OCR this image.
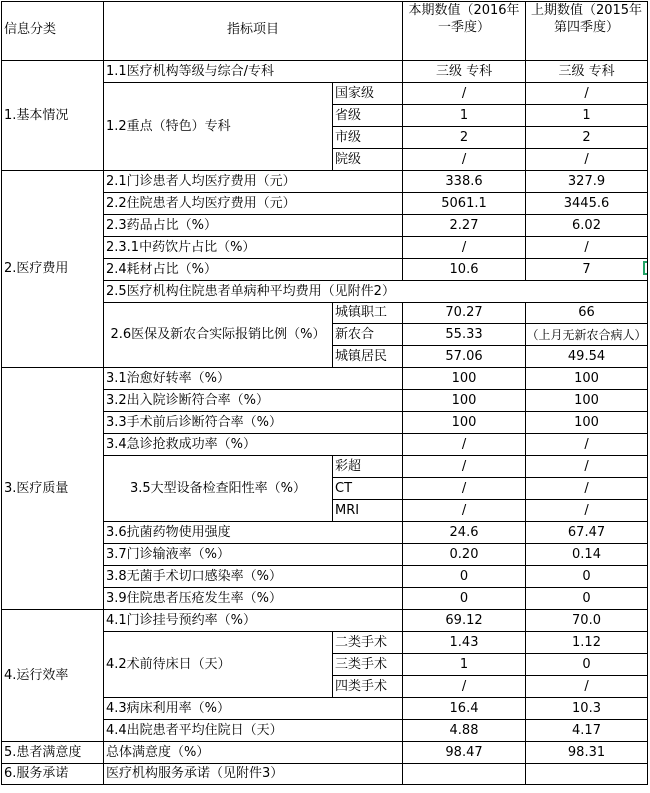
信息分类	指标项目		本期数值（2016年一季度）	上期数值（2015年第四季度）
1.基本情况	1.1医疗机构等级与综合/专科		三级 专科	三级 专科
	1.2重点（特色）专科	国家级	/	/
		省级	1	1
		市级	2	2
		院级	/	/
2.医疗费用	2.1门诊患者人均医疗费用（元）		338.6	327.9
	2.2住院患者人均医疗费用（元）		5061.1	3445.6
	2.3药品占比（%）		2.27	6.02
	2.3.1中药饮片占比（%）		/	/
	2.4耗材占比（%）		10.6	7
	2.5医疗机构住院患者单病种平均费用（见附件2）			
	2.6医保及新农合实际报销比例（%）	城镇职工	70.27	66
		新农合	55.33	（上月无新农合病人）
		城镇居民	57.06	49.54
3.医疗质量	3.1治愈好转率（%）		100	100
	3.2出入院诊断符合率（%）		100	100
	3.3手术前后诊断符合率（%）		100	100
	3.4急诊抢救成功率（%）		/	/
	3.5大型设备检查阳性率（%）	彩超	/	/
		CT	/	/
		MRI	/	/
	3.6抗菌药物使用强度		24.6	67.47
	3.7门诊输液率（%）		0.20	0.14
	3.8无菌手术切口感染率（%）		0	0
	3.9住院患者压疮发生率（%）		0	0
4.运行效率	4.1门诊挂号预约率（%）		69.12	70.0
	4.2术前待床日（天）	二类手术	1.43	1.12
		三类手术	1	0
		四类手术	/	/
	4.3病床利用率（%）		16.4	10.3
	4.4出院患者平均住院日（天）		4.88	4.17
5.患者满意度	总体满意度（%）		98.47	98.31
6.服务承诺	医疗机构服务承诺（见附件3）			
